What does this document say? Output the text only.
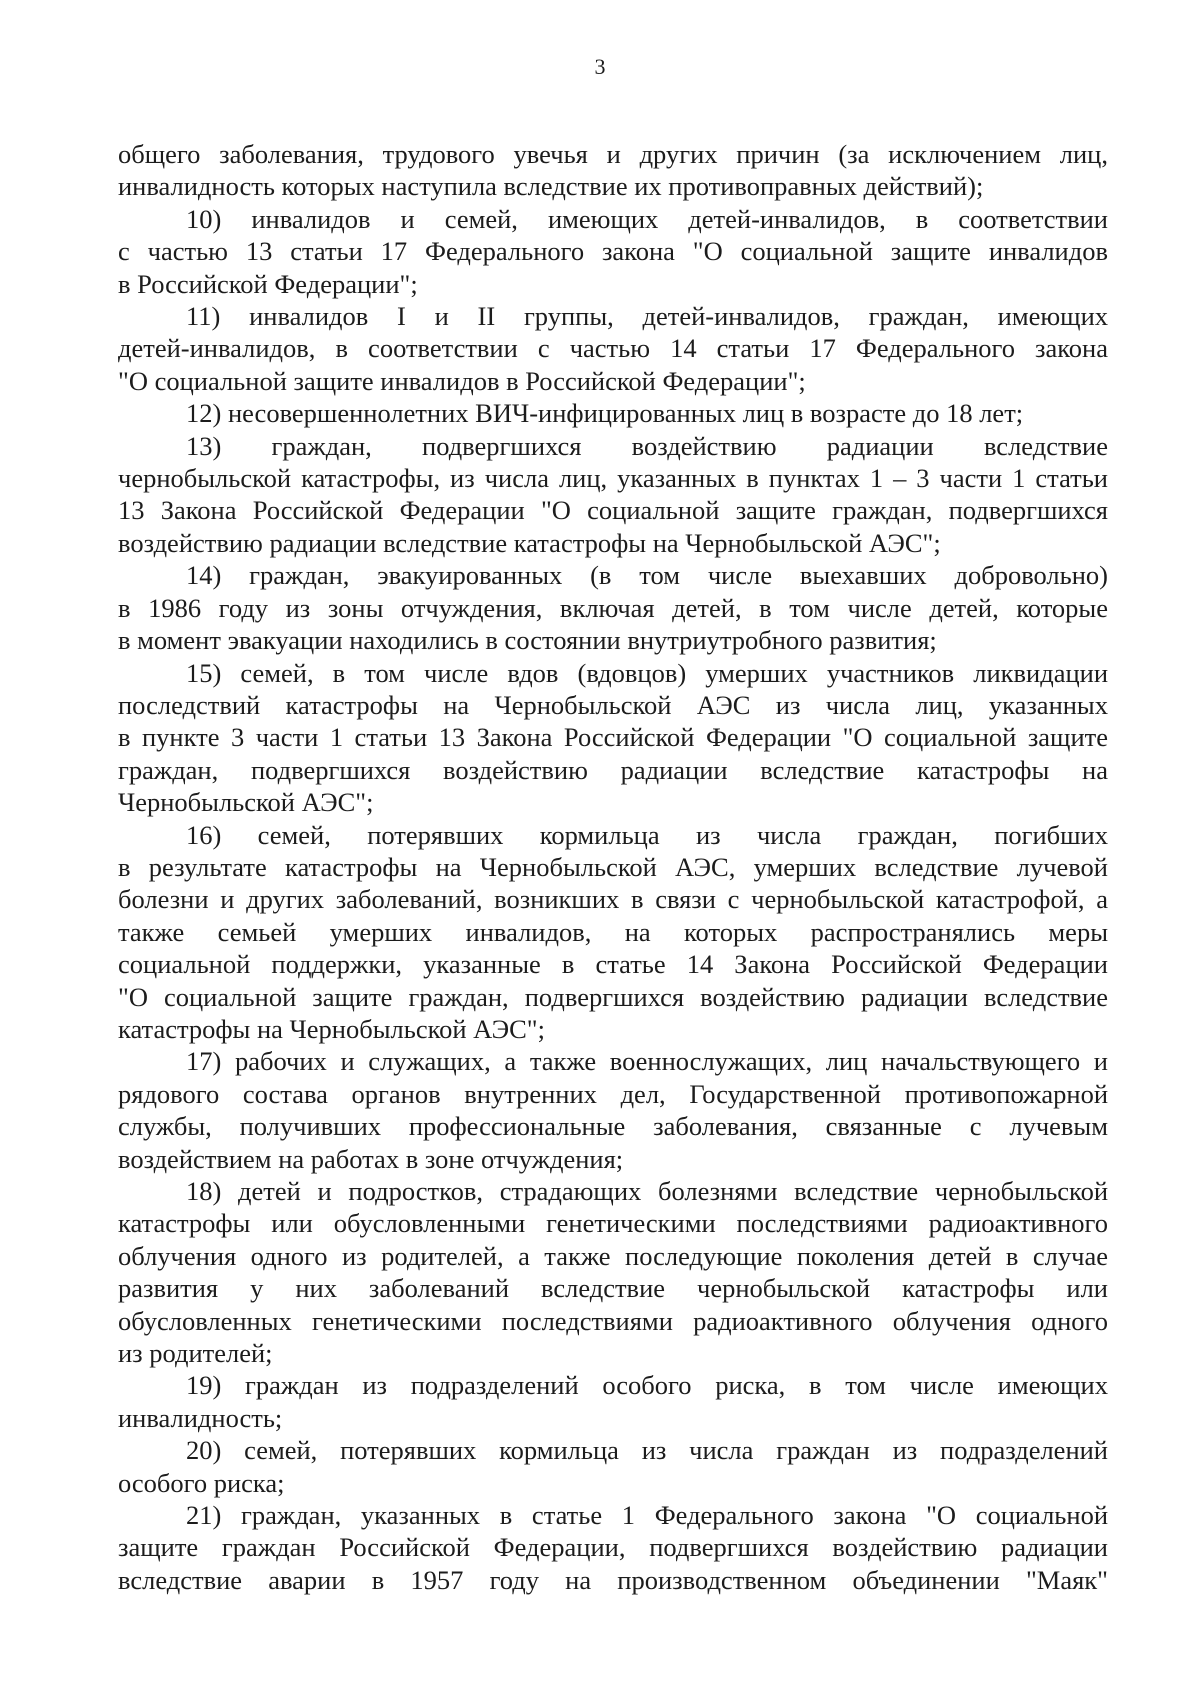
3
общего заболевания, трудового увечья и других причин (за исключением лиц,
инвалидность которых наступила вследствие их противоправных действий);
10) инвалидов и семей, имеющих детей-инвалидов, в соответствии
с частью 13 статьи 17 Федерального закона "О социальной защите инвалидов
в Российской Федерации";
11) инвалидов I и II группы, детей-инвалидов, граждан, имеющих
детей-инвалидов, в соответствии с частью 14 статьи 17 Федерального закона
"О социальной защите инвалидов в Российской Федерации";
12) несовершеннолетних ВИЧ-инфицированных лиц в возрасте до 18 лет;
13) граждан, подвергшихся воздействию радиации вследствие
чернобыльской катастрофы, из числа лиц, указанных в пунктах 1 – 3 части 1 статьи
13 Закона Российской Федерации "О социальной защите граждан, подвергшихся
воздействию радиации вследствие катастрофы на Чернобыльской АЭС";
14) граждан, эвакуированных (в том числе выехавших добровольно)
в 1986 году из зоны отчуждения, включая детей, в том числе детей, которые
в момент эвакуации находились в состоянии внутриутробного развития;
15) семей, в том числе вдов (вдовцов) умерших участников ликвидации
последствий катастрофы на Чернобыльской АЭС из числа лиц, указанных
в пункте 3 части 1 статьи 13 Закона Российской Федерации "О социальной защите
граждан, подвергшихся воздействию радиации вследствие катастрофы на
Чернобыльской АЭС";
16) семей, потерявших кормильца из числа граждан, погибших
в результате катастрофы на Чернобыльской АЭС, умерших вследствие лучевой
болезни и других заболеваний, возникших в связи с чернобыльской катастрофой, а
также семьей умерших инвалидов, на которых распространялись меры
социальной поддержки, указанные в статье 14 Закона Российской Федерации
"О социальной защите граждан, подвергшихся воздействию радиации вследствие
катастрофы на Чернобыльской АЭС";
17) рабочих и служащих, а также военнослужащих, лиц начальствующего и
рядового состава органов внутренних дел, Государственной противопожарной
службы, получивших профессиональные заболевания, связанные с лучевым
воздействием на работах в зоне отчуждения;
18) детей и подростков, страдающих болезнями вследствие чернобыльской
катастрофы или обусловленными генетическими последствиями радиоактивного
облучения одного из родителей, а также последующие поколения детей в случае
развития у них заболеваний вследствие чернобыльской катастрофы или
обусловленных генетическими последствиями радиоактивного облучения одного
из родителей;
19) граждан из подразделений особого риска, в том числе имеющих
инвалидность;
20) семей, потерявших кормильца из числа граждан из подразделений
особого риска;
21) граждан, указанных в статье 1 Федерального закона "О социальной
защите граждан Российской Федерации, подвергшихся воздействию радиации
вследствие аварии в 1957 году на производственном объединении "Маяк"
